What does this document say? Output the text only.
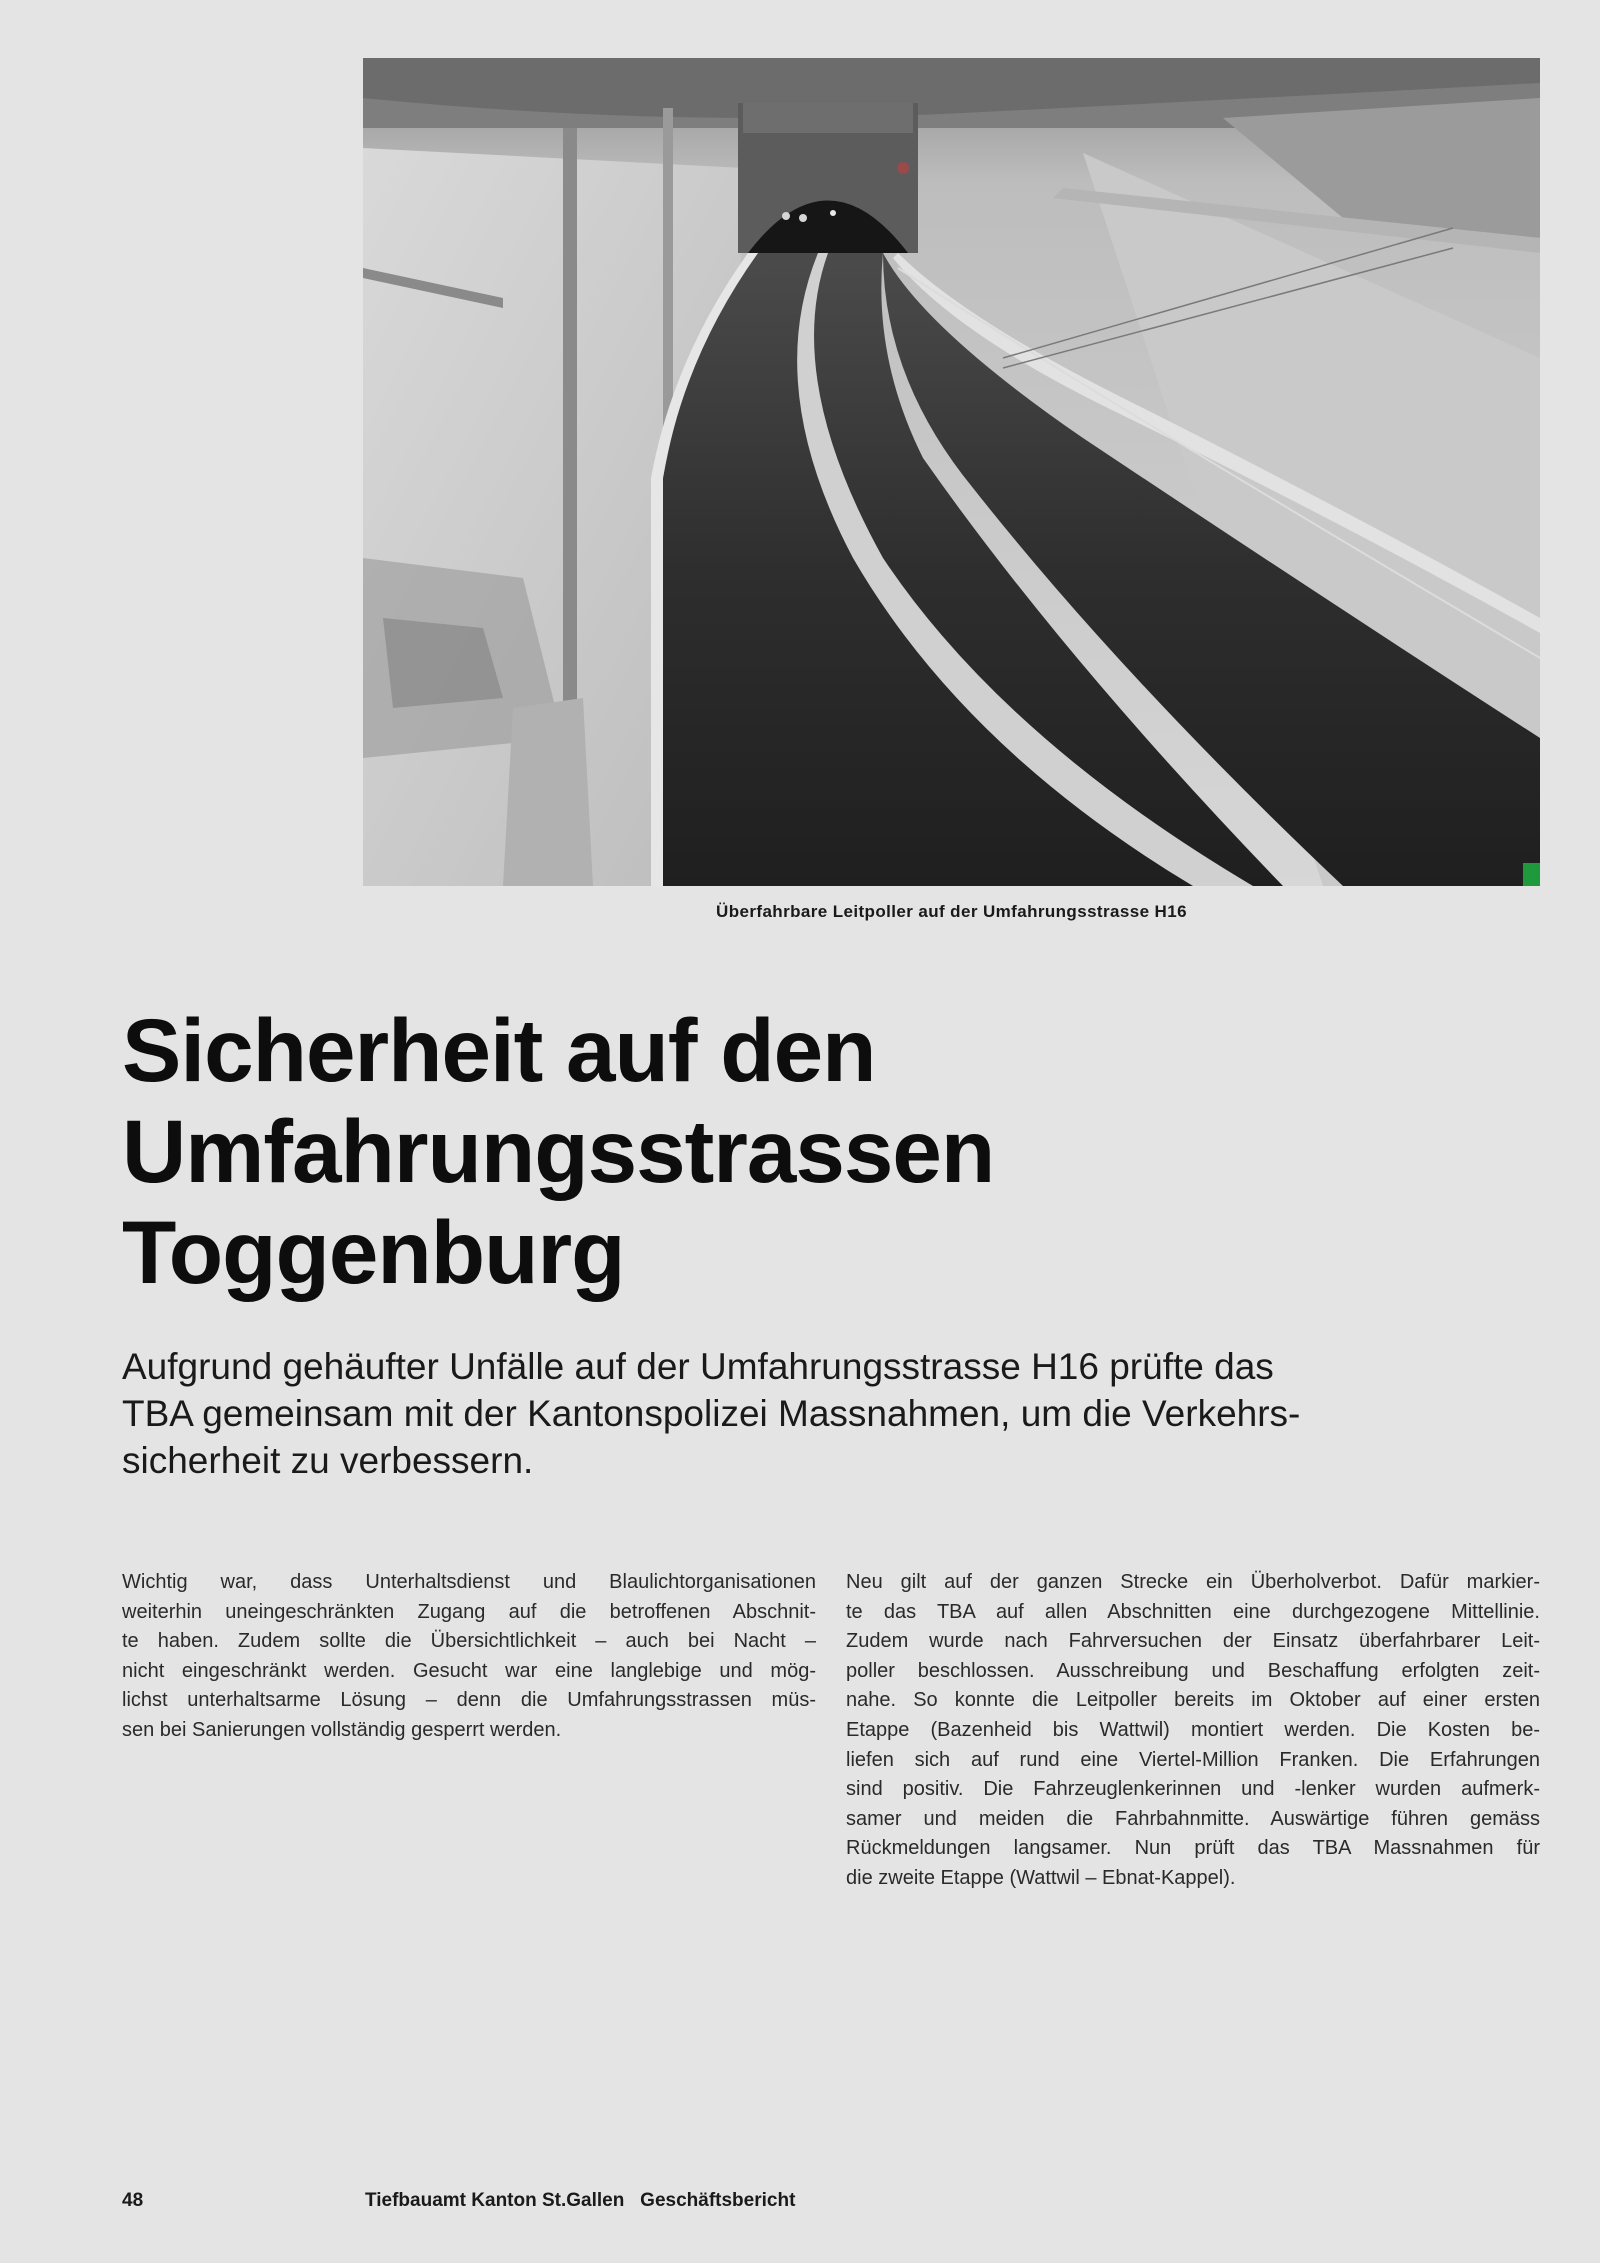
Überfahrbare Leitpoller auf der Umfahrungsstrasse H16
Sicherheit auf den
Umfahrungsstrassen
Toggenburg

Aufgrund gehäufter Unfälle auf der Umfahrungsstrasse H16 prüfte das
TBA gemeinsam mit der Kantonspolizei Massnahmen, um die Verkehrs-
sicherheit zu verbessern.

Wichtig war, dass Unterhaltsdienst und Blaulichtorganisationen
weiterhin uneingeschränkten Zugang auf die betroffenen Abschnit-
te haben. Zudem sollte die Übersichtlichkeit – auch bei Nacht –
nicht eingeschränkt werden. Gesucht war eine langlebige und mög-
lichst unterhaltsarme Lösung – denn die Umfahrungsstrassen müs-
sen bei Sanierungen vollständig gesperrt werden.
Neu gilt auf der ganzen Strecke ein Überholverbot. Dafür markier-
te das TBA auf allen Abschnitten eine durchgezogene Mittellinie.
Zudem wurde nach Fahrversuchen der Einsatz überfahrbarer Leit-
poller beschlossen. Ausschreibung und Beschaffung erfolgten zeit-
nahe. So konnte die Leitpoller bereits im Oktober auf einer ersten
Etappe (Bazenheid bis Wattwil) montiert werden. Die Kosten be-
liefen sich auf rund eine Viertel-Million Franken. Die Erfahrungen
sind positiv. Die Fahrzeuglenkerinnen und -lenker wurden aufmerk-
samer und meiden die Fahrbahnmitte. Auswärtige führen gemäss
Rückmeldungen langsamer. Nun prüft das TBA Massnahmen für
die zweite Etappe (Wattwil – Ebnat-Kappel).
48	Tiefbauamt Kanton St.Gallen   Geschäftsbericht
